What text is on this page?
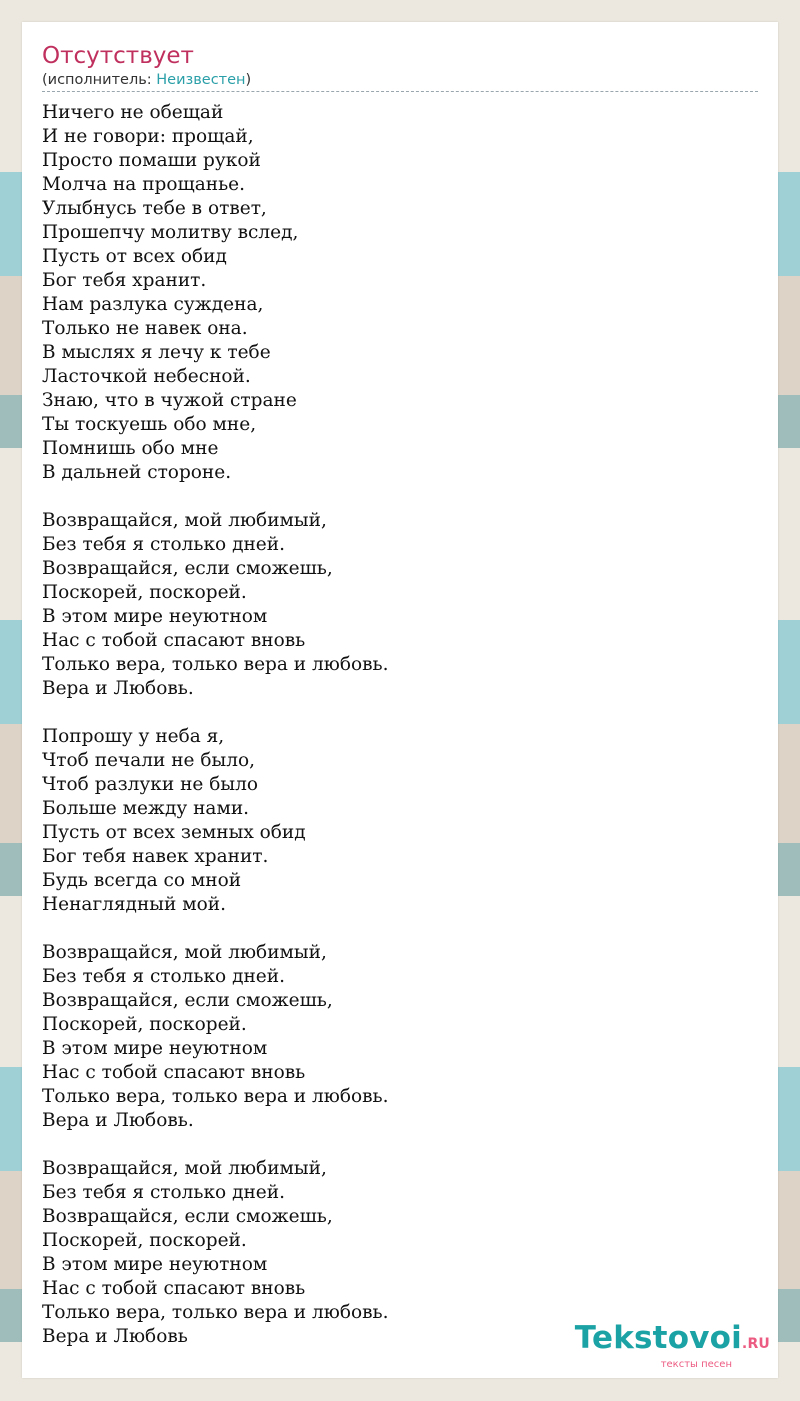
Отсутствует
(исполнитель: Неизвестен)
Ничего не обещай
И не говори: прощай,
Просто помаши рукой
Молча на прощанье.
Улыбнусь тебе в ответ,
Прошепчу молитву вслед,
Пусть от всех обид
Бог тебя хранит.
Нам разлука суждена,
Только не навек она.
В мыслях я лечу к тебе
Ласточкой небесной.
Знаю, что в чужой стране
Ты тоскуешь обо мне,
Помнишь обо мне
В дальней стороне.

Возвращайся, мой любимый,
Без тебя я столько дней.
Возвращайся, если сможешь,
Поскорей, поскорей.
В этом мире неуютном
Нас с тобой спасают вновь
Только вера, только вера и любовь.
Вера и Любовь.

Попрошу у неба я,
Чтоб печали не было,
Чтоб разлуки не было
Больше между нами.
Пусть от всех земных обид
Бог тебя навек хранит.
Будь всегда со мной
Ненаглядный мой.

Возвращайся, мой любимый,
Без тебя я столько дней.
Возвращайся, если сможешь,
Поскорей, поскорей.
В этом мире неуютном
Нас с тобой спасают вновь
Только вера, только вера и любовь.
Вера и Любовь.

Возвращайся, мой любимый,
Без тебя я столько дней.
Возвращайся, если сможешь,
Поскорей, поскорей.
В этом мире неуютном
Нас с тобой спасают вновь
Только вера, только вера и любовь.
Вера и Любовь	Tekstovoi.RU
тексты песен
